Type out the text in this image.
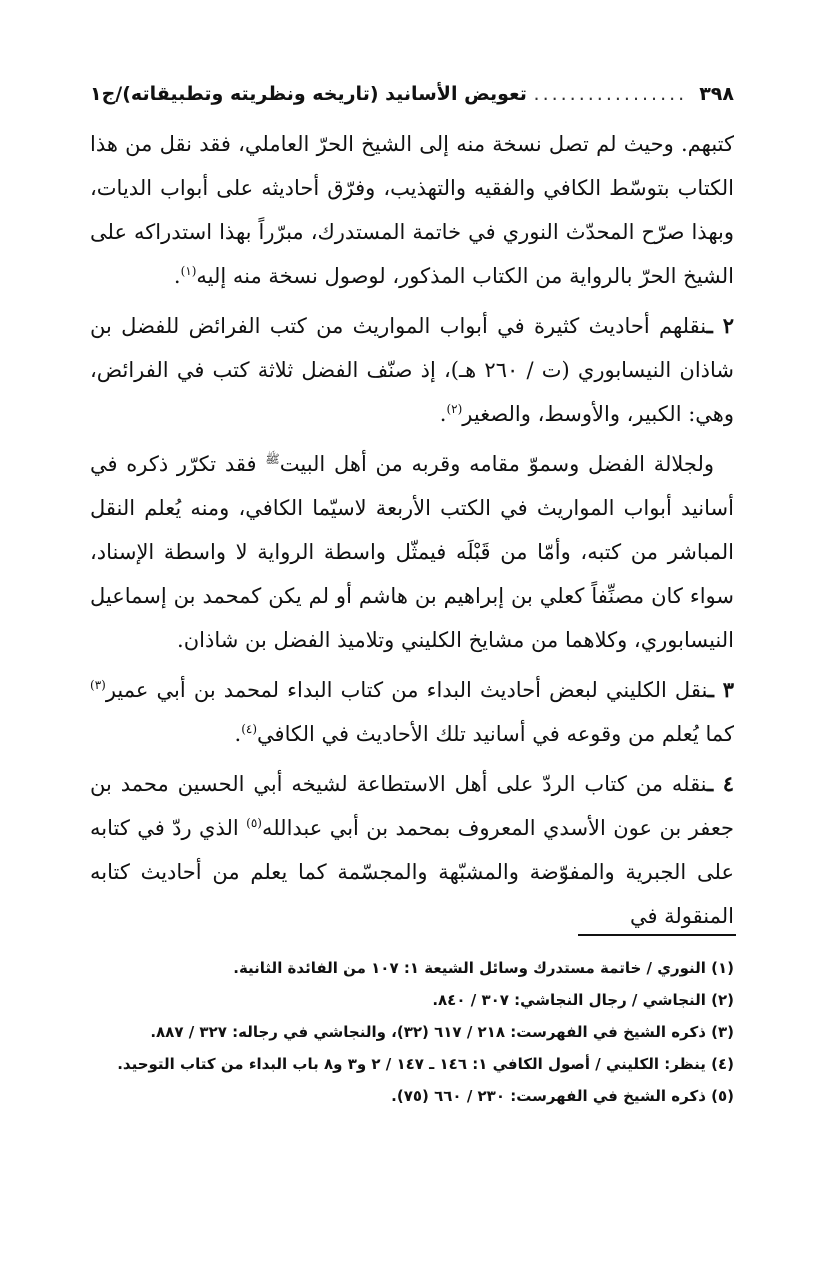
٣٩٨
.....
تعويض الأسانيد (تاريخه ونظريته وتطبيقاته)/ج١

كتبهم. وحيث لم تصل نسخة منه إلى الشيخ الحرّ العاملي، فقد نقل من هذا الكتاب بتوسّط الكافي والفقيه والتهذيب، وفرّق أحاديثه على أبواب الديات، وبهذا صرّح المحدّث النوري في خاتمة المستدرك، مبرّراً بهذا استدراكه على الشيخ الحرّ بالرواية من الكتاب المذكور، لوصول نسخة منه إليه$^{(١)}$.

٢ ـنقلهم أحاديث كثيرة في أبواب المواريث من كتب الفرائض للفضل بن شاذان النيسابوري (ت / ٢٦٠ هـ)، إذ صنّف الفضل ثلاثة كتب في الفرائض، وهي: الكبير، والأوسط، والصغير$^{(٢)}$.

ولجلالة الفضل وسموّ مقامه وقربه من أهل البيت$^ﷺ$ فقد تكرّر ذكره في أسانيد أبواب المواريث في الكتب الأربعة لاسيّما الكافي، ومنه يُعلم النقل المباشر من كتبه، وأمّا من قَبْلَه فيمثّل واسطة الرواية لا واسطة الإسناد، سواء كان مصنِّفاً كعلي بن إبراهيم بن هاشم أو لم يكن كمحمد بن إسماعيل النيسابوري، وكلاهما من مشايخ الكليني وتلاميذ الفضل بن شاذان.

٣ ـنقل الكليني لبعض أحاديث البداء من كتاب البداء لمحمد بن أبي عمير$^{(٣)}$ كما يُعلم من وقوعه في أسانيد تلك الأحاديث في الكافي$^{(٤)}$.

٤ ـنقله من كتاب الردّ على أهل الاستطاعة لشيخه أبي الحسين محمد بن جعفر بن عون الأسدي المعروف بمحمد بن أبي عبدالله$^{(٥)}$ الذي ردّ في كتابه على الجبرية والمفوّضة والمشبّهة والمجسّمة كما يعلم من أحاديث كتابه المنقولة في

(١) النوري / خاتمة مستدرك وسائل الشيعة ١: ١٠٧ من الفائدة الثانية.
(٢) النجاشي / رجال النجاشي: ٣٠٧ / ٨٤٠.
(٣) ذكره الشيخ في الفهرست: ٢١٨ / ٦١٧ (٣٢)، والنجاشي في رجاله: ٣٢٧ / ٨٨٧.
(٤) ينظر: الكليني / أصول الكافي ١: ١٤٦ ـ ١٤٧ / ٢ و٣ و٨ باب البداء من كتاب التوحيد.
(٥) ذكره الشيخ في الفهرست: ٢٣٠ / ٦٦٠ (٧٥).
